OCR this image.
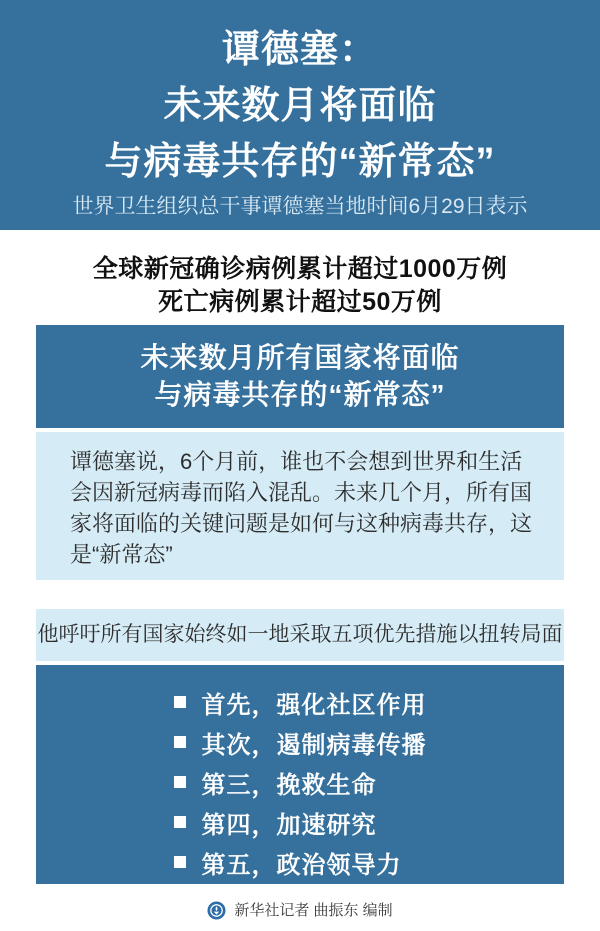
谭德塞：
未来数月将面临
与病毒共存的“新常态”
世界卫生组织总干事谭德塞当地时间6月29日表示
全球新冠确诊病例累计超过1000万例
死亡病例累计超过50万例
未来数月所有国家将面临
与病毒共存的“新常态”
谭德塞说，6个月前，谁也不会想到世界和生活会因新冠病毒而陷入混乱。未来几个月，所有国家将面临的关键问题是如何与这种病毒共存，这是“新常态”
他呼吁所有国家始终如一地采取五项优先措施以扭转局面
首先，强化社区作用
其次，遏制病毒传播
第三，挽救生命
第四，加速研究
第五，政治领导力
新华社记者 曲振东 编制
